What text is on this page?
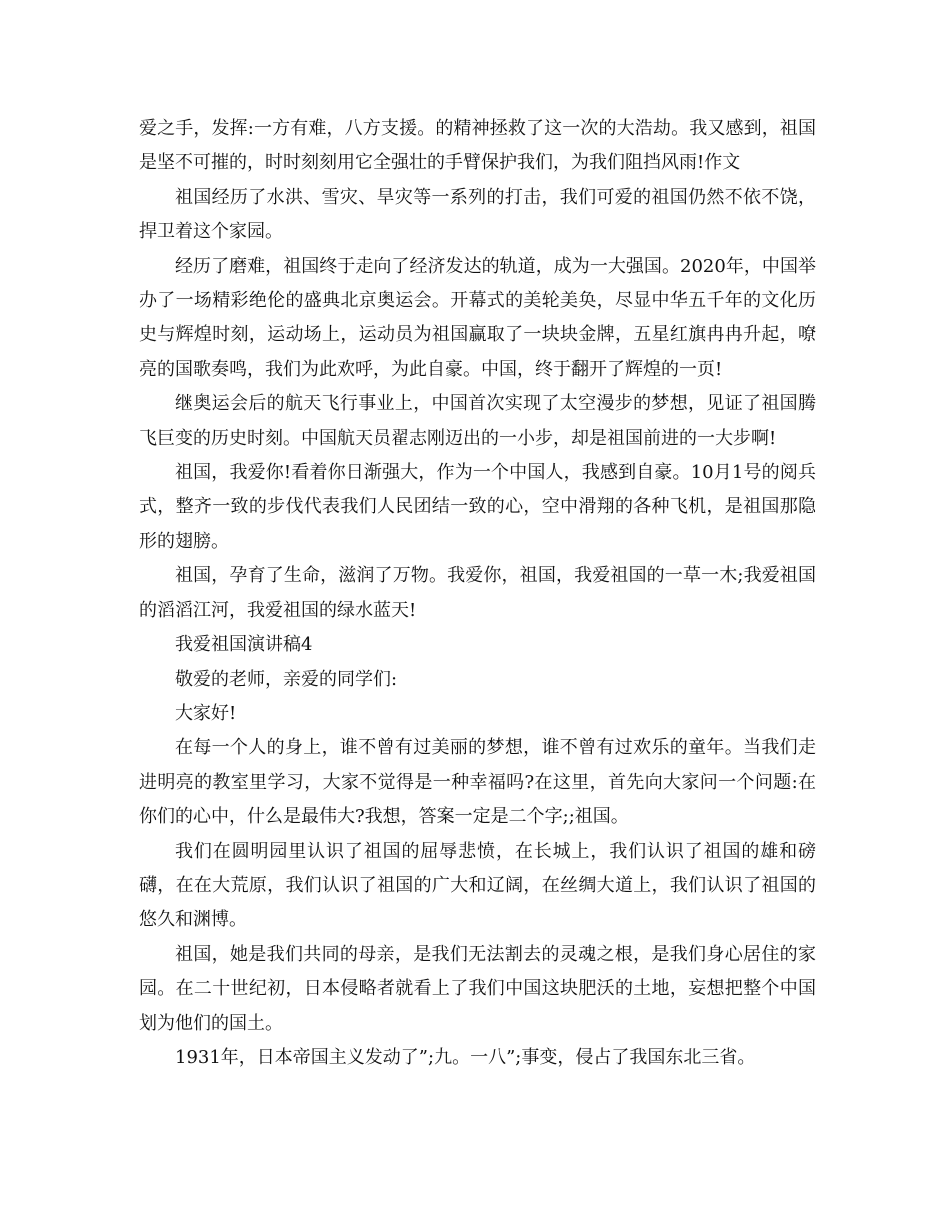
爱之手，发挥:一方有难，八方支援。的精神拯救了这一次的大浩劫。我又感到，祖国是坚不可摧的，时时刻刻用它全强壮的手臂保护我们，为我们阻挡风雨!作文

祖国经历了水洪、雪灾、旱灾等一系列的打击，我们可爱的祖国仍然不依不饶，捍卫着这个家园。

经历了磨难，祖国终于走向了经济发达的轨道，成为一大强国。2020年，中国举办了一场精彩绝伦的盛典北京奥运会。开幕式的美轮美奂，尽显中华五千年的文化历史与辉煌时刻，运动场上，运动员为祖国赢取了一块块金牌，五星红旗冉冉升起，嘹亮的国歌奏鸣，我们为此欢呼，为此自豪。中国，终于翻开了辉煌的一页!

继奥运会后的航天飞行事业上，中国首次实现了太空漫步的梦想，见证了祖国腾飞巨变的历史时刻。中国航天员翟志刚迈出的一小步，却是祖国前进的一大步啊!

祖国，我爱你!看着你日渐强大，作为一个中国人，我感到自豪。10月1号的阅兵式，整齐一致的步伐代表我们人民团结一致的心，空中滑翔的各种飞机，是祖国那隐形的翅膀。

祖国，孕育了生命，滋润了万物。我爱你，祖国，我爱祖国的一草一木;我爱祖国的滔滔江河，我爱祖国的绿水蓝天!

我爱祖国演讲稿4

敬爱的老师，亲爱的同学们:

大家好!

在每一个人的身上，谁不曾有过美丽的梦想，谁不曾有过欢乐的童年。当我们走进明亮的教室里学习，大家不觉得是一种幸福吗?在这里，首先向大家问一个问题:在你们的心中，什么是最伟大?我想，答案一定是二个字;;祖国。

我们在圆明园里认识了祖国的屈辱悲愤，在长城上，我们认识了祖国的雄和磅礴，在在大荒原，我们认识了祖国的广大和辽阔，在丝绸大道上，我们认识了祖国的悠久和渊博。

祖国，她是我们共同的母亲，是我们无法割去的灵魂之根，是我们身心居住的家园。在二十世纪初，日本侵略者就看上了我们中国这块肥沃的土地，妄想把整个中国划为他们的国土。

1931年，日本帝国主义发动了”;九。一八”;事变，侵占了我国东北三省。
